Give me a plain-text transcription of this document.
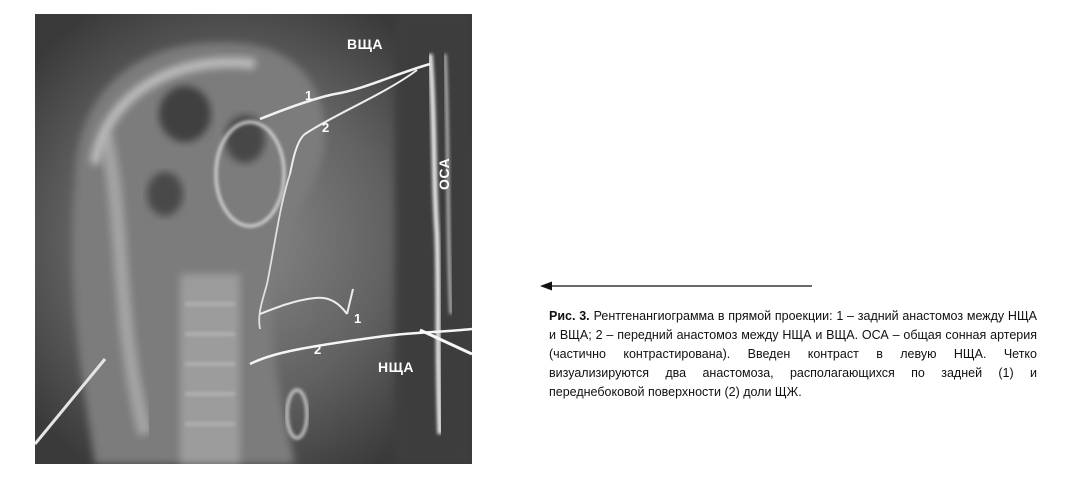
ВЩА
ОСА
НЩА
1
2
1
2
Рис. 3. Рентгенангиограмма в прямой проекции: 1 – задний анастомоз между НЩА и ВЩА; 2 – передний анастомоз между НЩА и ВЩА. ОСА – общая сонная артерия (частично контрастирована). Введен контраст в левую НЩА. Четко визуализируются два анастомоза, располагающихся по задней (1) и переднебоковой поверхности (2) доли ЩЖ.
